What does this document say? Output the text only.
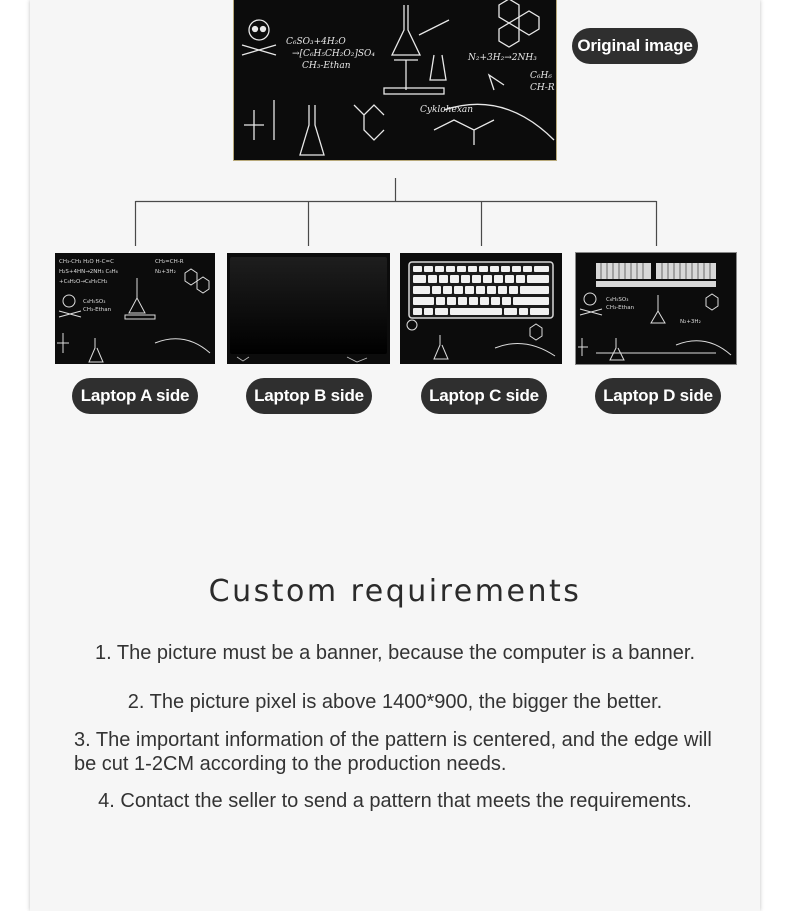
C₆SO₃+4H₂O
→[C₆H₅CH₂O₂]SO₄
CH₃-Ethan
N₂+3H₂→2NH₃
C₆H₆
CH-R
Cyklohexan
Original image
CH₃-CH₃ H₂O H-C=C
H₂S+4HN→2NH₃ C₆H₆
+C₆H₂O→C₆H₅CH₂
CH₂=CH-R
N₂+3H₂
C₆H₅SO₃
CH₃-Ethan
C₆H₅SO₃
CH₃-Ethan
N₂+3H₂
Laptop A side	Laptop B side	Laptop C side	Laptop D side
Custom requirements
1. The picture must be a banner, because the computer is a banner.
2. The picture pixel is above 1400*900, the bigger the better.
3. The important information of the pattern is centered, and the edge will be cut 1-2CM according to the production needs.
4. Contact the seller to send a pattern that meets the requirements.
